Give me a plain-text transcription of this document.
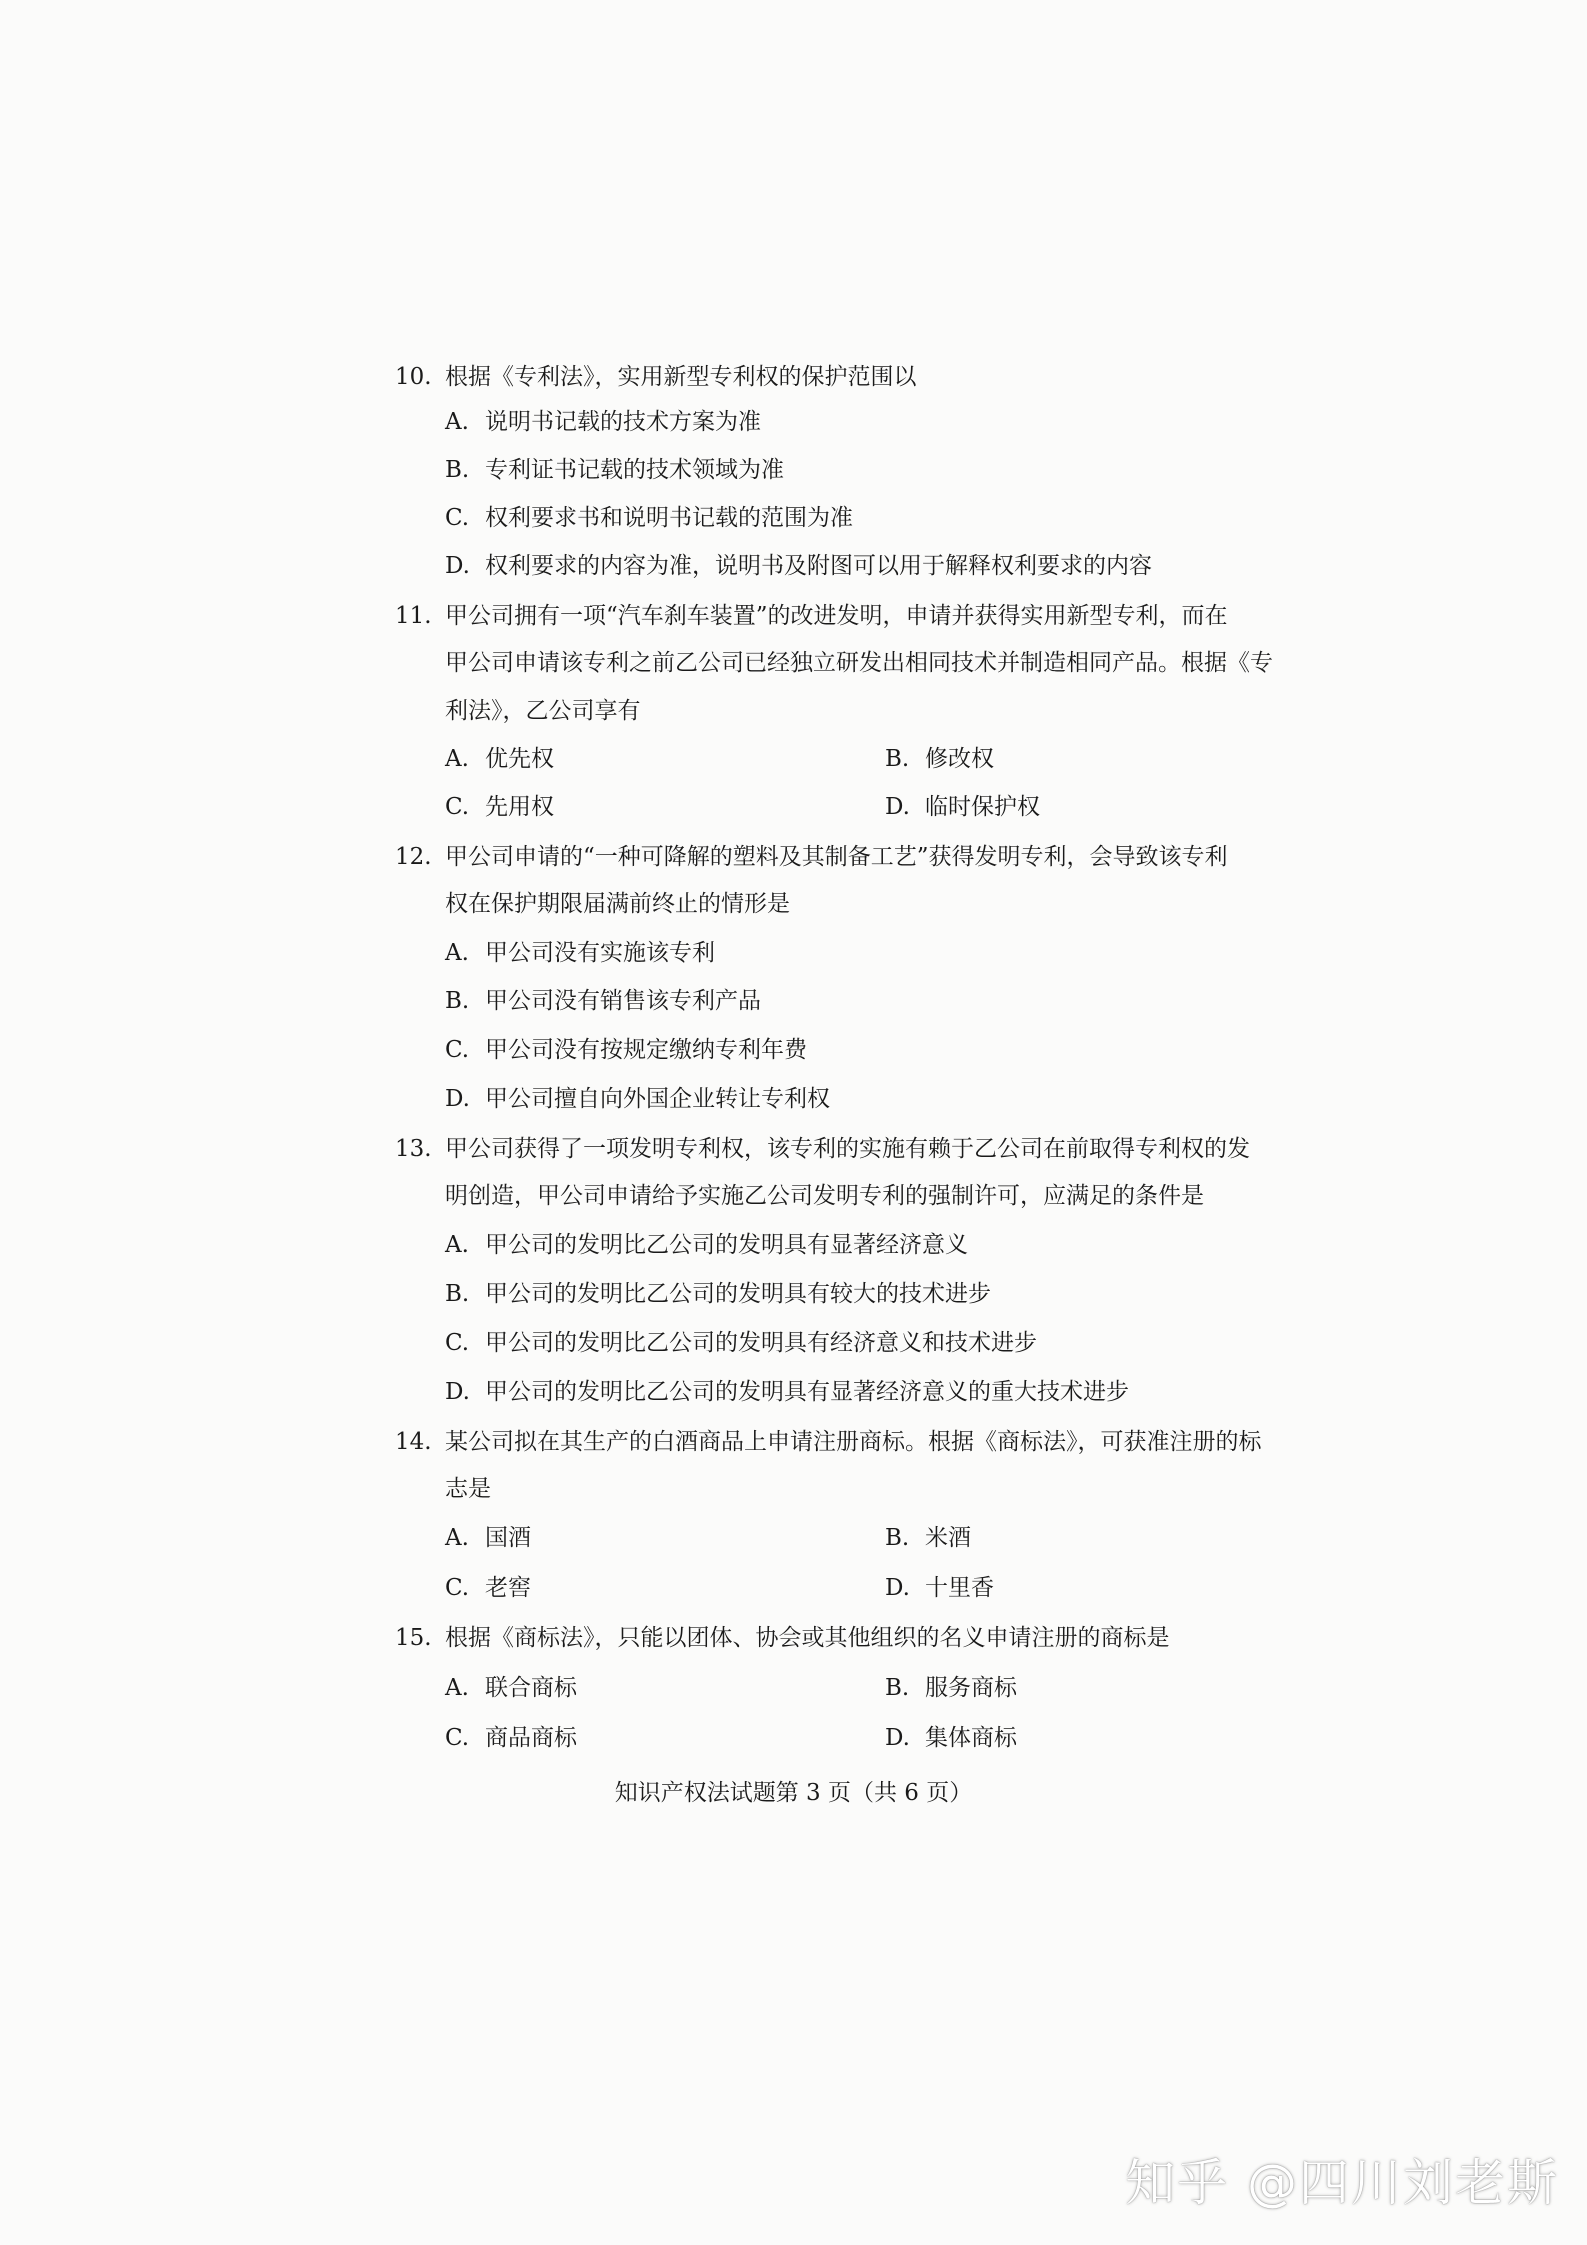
10. 根据《专利法》，实用新型专利权的保护范围以
A. 说明书记载的技术方案为准
B. 专利证书记载的技术领域为准
C. 权利要求书和说明书记载的范围为准
D. 权利要求的内容为准，说明书及附图可以用于解释权利要求的内容
11. 甲公司拥有一项“汽车刹车装置”的改进发明，申请并获得实用新型专利，而在
甲公司申请该专利之前乙公司已经独立研发出相同技术并制造相同产品。根据《专
利法》，乙公司享有
A. 优先权	B. 修改权
C. 先用权	D. 临时保护权
12. 甲公司申请的“一种可降解的塑料及其制备工艺”获得发明专利，会导致该专利
权在保护期限届满前终止的情形是
A. 甲公司没有实施该专利
B. 甲公司没有销售该专利产品
C. 甲公司没有按规定缴纳专利年费
D. 甲公司擅自向外国企业转让专利权
13. 甲公司获得了一项发明专利权，该专利的实施有赖于乙公司在前取得专利权的发
明创造，甲公司申请给予实施乙公司发明专利的强制许可，应满足的条件是
A. 甲公司的发明比乙公司的发明具有显著经济意义
B. 甲公司的发明比乙公司的发明具有较大的技术进步
C. 甲公司的发明比乙公司的发明具有经济意义和技术进步
D. 甲公司的发明比乙公司的发明具有显著经济意义的重大技术进步
14. 某公司拟在其生产的白酒商品上申请注册商标。根据《商标法》，可获准注册的标
志是
A. 国酒	B. 米酒
C. 老窖	D. 十里香
15. 根据《商标法》，只能以团体、协会或其他组织的名义申请注册的商标是
A. 联合商标	B. 服务商标
C. 商品商标	D. 集体商标
知识产权法试题第 3 页（共 6 页）
知乎 @四川刘老斯
